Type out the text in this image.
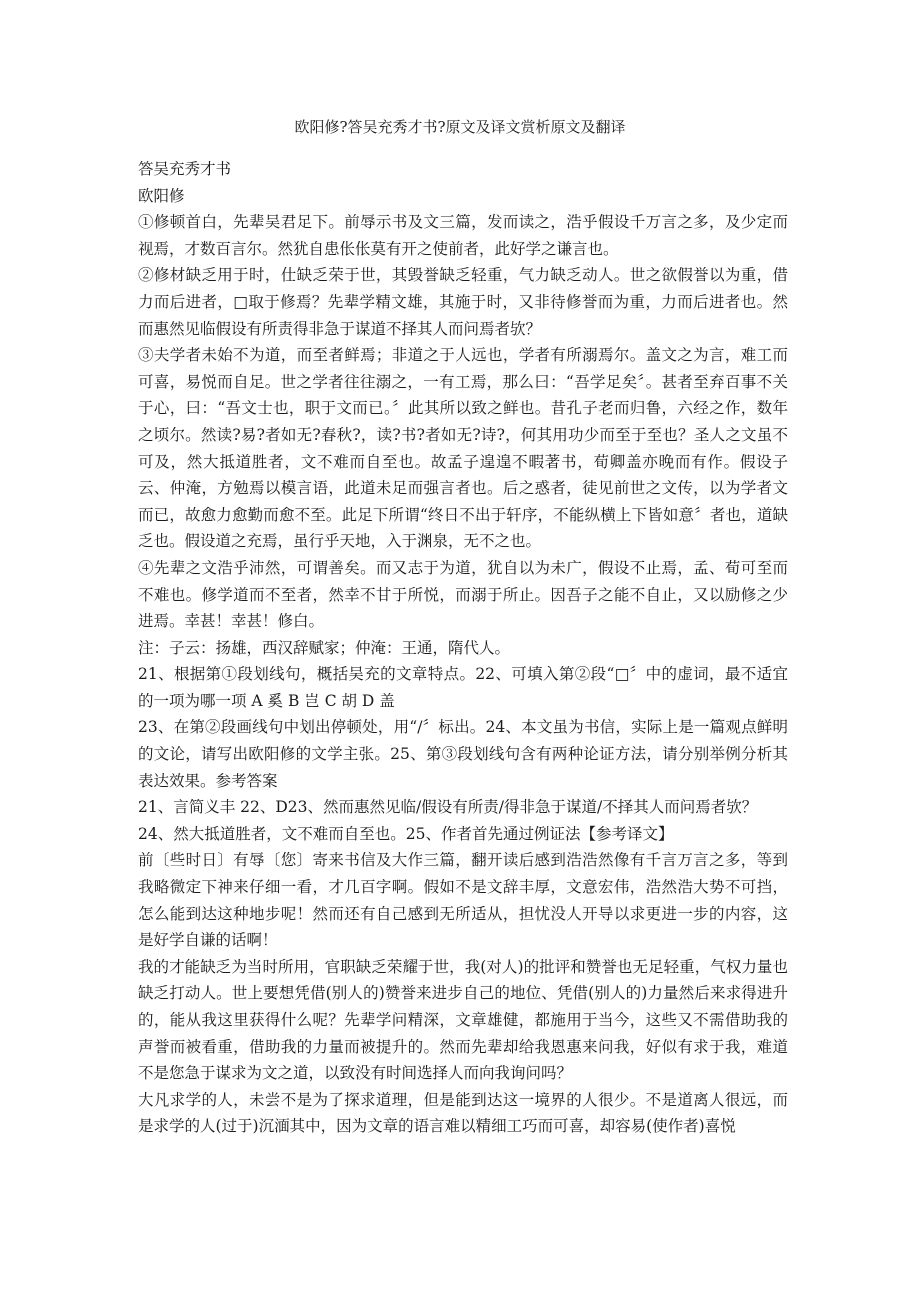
欧阳修?答吴充秀才书?原文及译文赏析原文及翻译

答吴充秀才书

欧阳修

①修顿首白，先辈吴君足下。前辱示书及文三篇，发而读之，浩乎假设千万言之多，及少定而视焉，才数百言尔。然犹自患伥伥莫有开之使前者，此好学之谦言也。

②修材缺乏用于时，仕缺乏荣于世，其毁誉缺乏轻重，气力缺乏动人。世之欲假誉以为重，借力而后进者，□取于修焉？先辈学精文雄，其施于时，又非待修誉而为重，力而后进者也。然而惠然见临假设有所责得非急于谋道不择其人而问焉者欤？

③夫学者未始不为道，而至者鲜焉；非道之于人远也，学者有所溺焉尔。盖文之为言，难工而可喜，易悦而自足。世之学者往往溺之，一有工焉，那么曰：“吾学足矣〞。甚者至弃百事不关于心，曰：“吾文士也，职于文而已。〞此其所以致之鲜也。昔孔子老而归鲁，六经之作，数年之顷尔。然读?易?者如无?春秋?，读?书?者如无?诗?，何其用功少而至于至也？圣人之文虽不可及，然大抵道胜者，文不难而自至也。故孟子遑遑不暇著书，荀卿盖亦晚而有作。假设子云、仲淹，方勉焉以模言语，此道未足而强言者也。后之惑者，徒见前世之文传，以为学者文而已，故愈力愈勤而愈不至。此足下所谓“终日不出于轩序，不能纵横上下皆如意〞者也，道缺乏也。假设道之充焉，虽行乎天地，入于渊泉，无不之也。

④先辈之文浩乎沛然，可谓善矣。而又志于为道，犹自以为未广，假设不止焉，孟、荀可至而不难也。修学道而不至者，然幸不甘于所悦，而溺于所止。因吾子之能不自止，又以励修之少进焉。幸甚！幸甚！修白。

注：子云：扬雄，西汉辞赋家；仲淹：王通，隋代人。

21、根据第①段划线句，概括吴充的文章特点。22、可填入第②段“□〞中的虚词，最不适宜的一项为哪一项 A 奚 B 岂 C 胡 D 盖

23、在第②段画线句中划出停顿处，用“/〞标出。24、本文虽为书信，实际上是一篇观点鲜明的文论，请写出欧阳修的文学主张。25、第③段划线句含有两种论证方法，请分别举例分析其表达效果。参考答案

21、言简义丰 22、D23、然而惠然见临/假设有所责/得非急于谋道/不择其人而问焉者欤？

24、然大抵道胜者，文不难而自至也。25、作者首先通过例证法【参考译文】

前〔些时日〕有辱〔您〕寄来书信及大作三篇，翻开读后感到浩浩然像有千言万言之多，等到我略微定下神来仔细一看，才几百字啊。假如不是文辞丰厚，文意宏伟，浩然浩大势不可挡，怎么能到达这种地步呢！然而还有自己感到无所适从，担忧没人开导以求更进一步的内容，这是好学自谦的话啊！

我的才能缺乏为当时所用，官职缺乏荣耀于世，我(对人)的批评和赞誉也无足轻重，气权力量也缺乏打动人。世上要想凭借(别人的)赞誉来进步自己的地位、凭借(别人的)力量然后来求得进升的，能从我这里获得什么呢？先辈学问精深，文章雄健，都施用于当今，这些又不需借助我的声誉而被看重，借助我的力量而被提升的。然而先辈却给我恩惠来问我，好似有求于我，难道不是您急于谋求为文之道，以致没有时间选择人而向我询问吗？

大凡求学的人，未尝不是为了探求道理，但是能到达这一境界的人很少。不是道离人很远，而是求学的人(过于)沉湎其中，因为文章的语言难以精细工巧而可喜，却容易(使作者)喜悦
